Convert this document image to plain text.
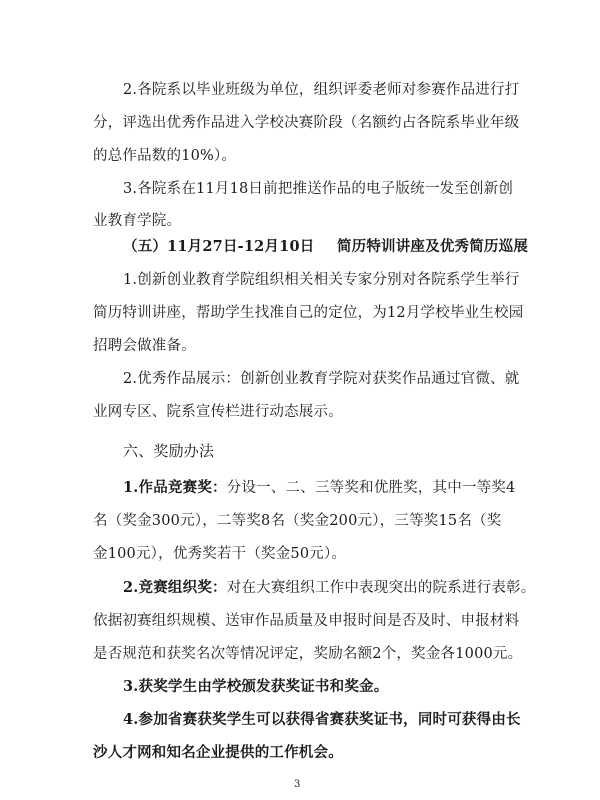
2.各院系以毕业班级为单位，组织评委老师对参赛作品进行打
分，评选出优秀作品进入学校决赛阶段（名额约占各院系毕业年级
的总作品数的10%）。
3.各院系在11月18日前把推送作品的电子版统一发至创新创
业教育学院。
（五）11月27日-12月10日 简历特训讲座及优秀简历巡展
1.创新创业教育学院组织相关相关专家分别对各院系学生举行
简历特训讲座，帮助学生找准自己的定位，为12月学校毕业生校园
招聘会做准备。
2.优秀作品展示：创新创业教育学院对获奖作品通过官微、就
业网专区、院系宣传栏进行动态展示。
六、奖励办法
1.作品竞赛奖：分设一、二、三等奖和优胜奖，其中一等奖4
名（奖金300元），二等奖8名（奖金200元），三等奖15名（奖
金100元），优秀奖若干（奖金50元）。
2.竞赛组织奖：对在大赛组织工作中表现突出的院系进行表彰。
依据初赛组织规模、送审作品质量及申报时间是否及时、申报材料
是否规范和获奖名次等情况评定，奖励名额2个，奖金各1000元。
3.获奖学生由学校颁发获奖证书和奖金。
4.参加省赛获奖学生可以获得省赛获奖证书，同时可获得由长
沙人才网和知名企业提供的工作机会。
3
